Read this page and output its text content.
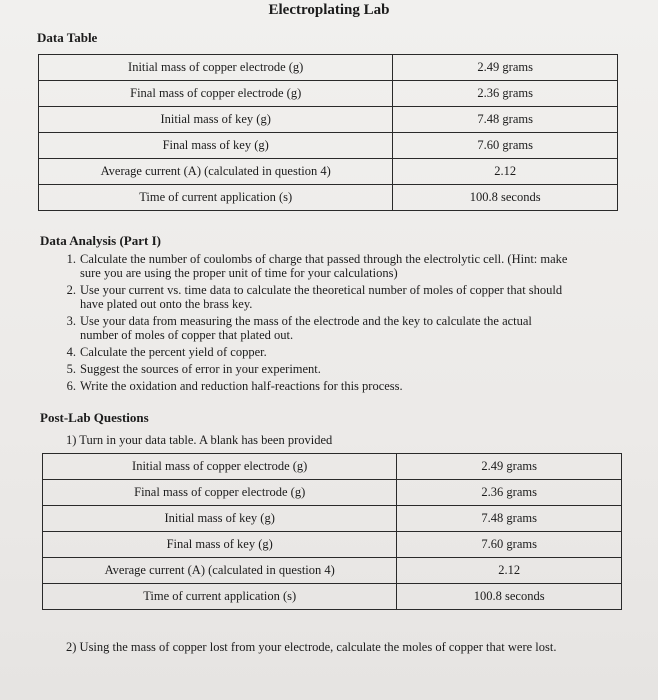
Electroplating Lab
Data Table
Initial mass of copper electrode (g)	2.49 grams
Final mass of copper electrode (g)	2.36 grams
Initial mass of key (g)	7.48 grams
Final mass of key (g)	7.60 grams
Average current (A) (calculated in question 4)	2.12
Time of current application (s)	100.8 seconds
Data Analysis (Part I)
1. Calculate the number of coulombs of charge that passed through the electrolytic cell. (Hint: make
sure you are using the proper unit of time for your calculations)
2. Use your current vs. time data to calculate the theoretical number of moles of copper that should
have plated out onto the brass key.
3. Use your data from measuring the mass of the electrode and the key to calculate the actual
number of moles of copper that plated out.
4. Calculate the percent yield of copper.
5. Suggest the sources of error in your experiment.
6. Write the oxidation and reduction half-reactions for this process.
Post-Lab Questions
1) Turn in your data table. A blank has been provided
Initial mass of copper electrode (g)	2.49 grams
Final mass of copper electrode (g)	2.36 grams
Initial mass of key (g)	7.48 grams
Final mass of key (g)	7.60 grams
Average current (A) (calculated in question 4)	2.12
Time of current application (s)	100.8 seconds
2) Using the mass of copper lost from your electrode, calculate the moles of copper that were lost.
